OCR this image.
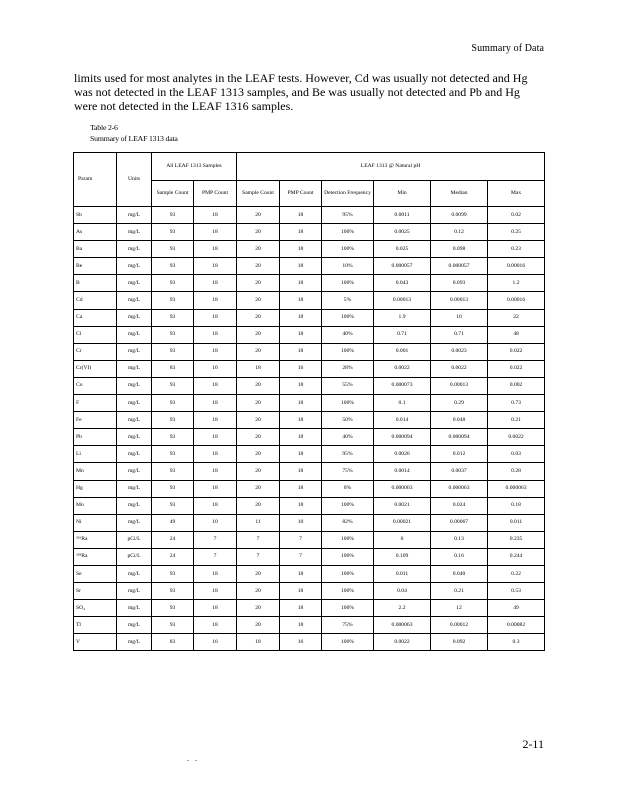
Summary of Data

limits used for most analytes in the LEAF tests. However, Cd was usually not detected and Hg was not detected in the LEAF 1313 samples, and Be was usually not detected and Pb and Hg were not detected in the LEAF 1316 samples.

Table 2-6
Summary of LEAF 1313 data
Param	Units	All LEAF 1313 Samples		LEAF 1313 @ Natural pH					
		Sample Count	PMP Count	Sample Count	PMP Count	Detection Frequency	Min	Median	Max
Sb	mg/L	93	18	20	18	95%	0.0011	0.0099	0.02
As	mg/L	93	18	20	18	100%	0.0025	0.12	0.25
Ba	mg/L	93	18	20	18	100%	0.025	0.098	0.23
Be	mg/L	93	18	20	18	10%	0.000057	0.000057	0.00016
B	mg/L	93	18	20	18	100%	0.043	0.093	1.2
Cd	mg/L	93	18	20	18	5%	0.00013	0.00013	0.00016
Ca	mg/L	93	18	20	18	100%	1.9	10	22
Cl	mg/L	93	18	20	18	40%	0.71	0.71	48
Cr	mg/L	93	18	20	18	100%	0.001	0.0023	0.022
Cr(VI)	mg/L	83	16	18	16	28%	0.0022	0.0022	0.022
Co	mg/L	93	18	20	18	55%	0.000073	0.00013	0.002
F	mg/L	93	18	20	18	100%	0.1	0.29	0.73
Fe	mg/L	93	18	20	18	50%	0.014	0.048	0.21
Pb	mg/L	93	18	20	18	40%	0.000094	0.000094	0.0022
Li	mg/L	93	18	20	18	95%	0.0026	0.012	0.03
Mn	mg/L	93	18	20	18	75%	0.0014	0.0037	0.28
Hg	mg/L	93	18	20	18	0%	0.000063	0.000063	0.000063
Mo	mg/L	93	18	20	18	100%	0.0021	0.024	0.18
Ni	mg/L	49	10	11	10	82%	0.00021	0.00067	0.011
²²⁶Ra	pCi/L	24	7	7	7	100%	0	0.13	0.235
²²⁸Ra	pCi/L	24	7	7	7	100%	0.109	0.16	0.244
Se	mg/L	93	18	20	18	100%	0.011	0.040	0.22
Sr	mg/L	93	18	20	18	100%	0.04	0.21	0.53
SO₄	mg/L	93	18	20	18	100%	2.2	12	49
Tl	mg/L	93	18	20	18	75%	0.000063	0.00012	0.00082
V	mg/L	83	16	18	16	100%	0.0022	0.092	0.3
2-11
. .
